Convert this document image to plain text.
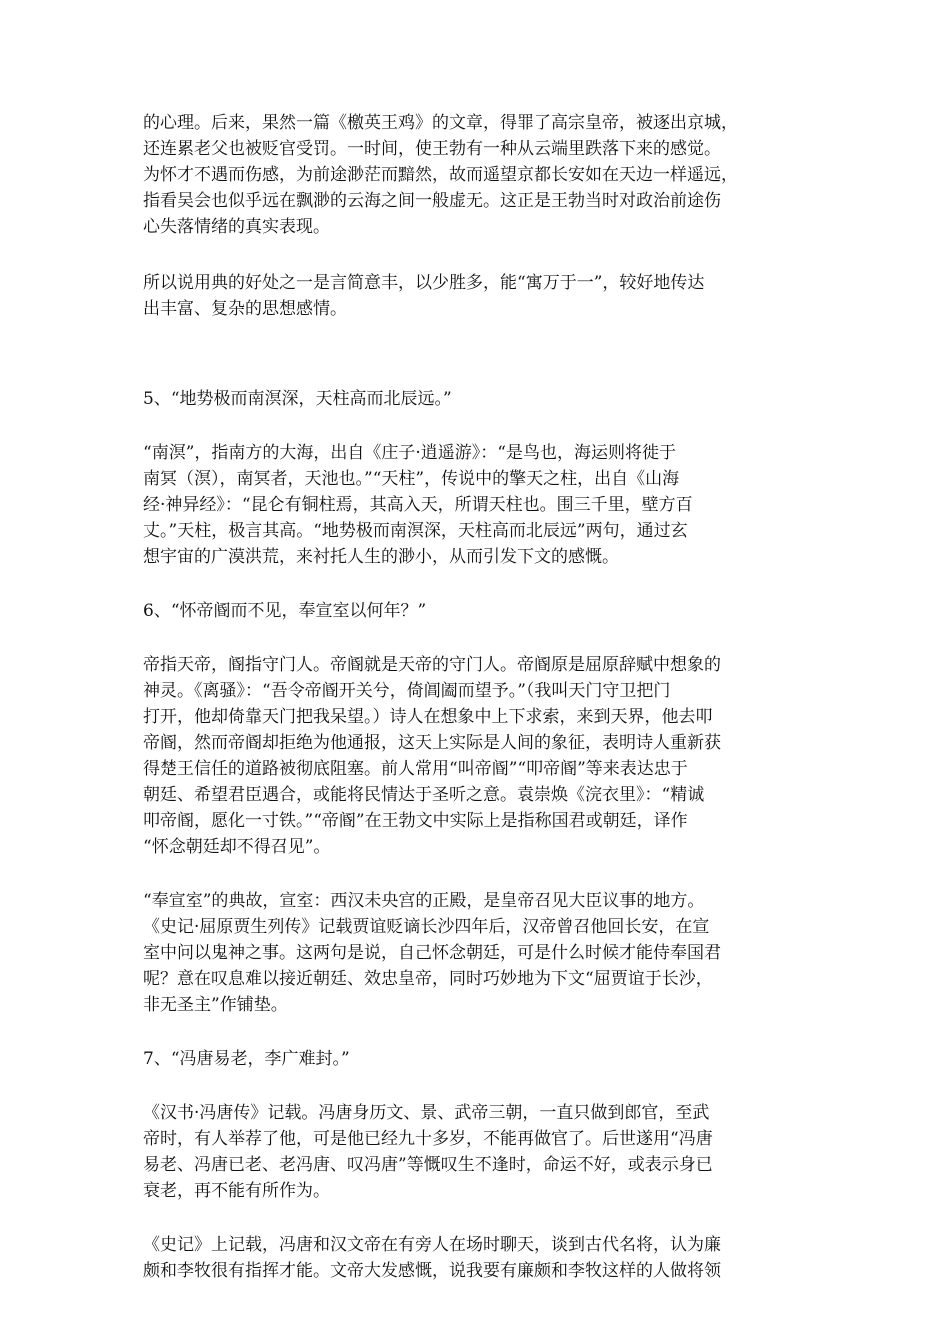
的心理。后来，果然一篇《檄英王鸡》的文章，得罪了高宗皇帝，被逐出京城，
还连累老父也被贬官受罚。一时间，使王勃有一种从云端里跌落下来的感觉。
为怀才不遇而伤感，为前途渺茫而黯然，故而遥望京都长安如在天边一样遥远，
指看吴会也似乎远在飘渺的云海之间一般虚无。这正是王勃当时对政治前途伤
心失落情绪的真实表现。
所以说用典的好处之一是言简意丰，以少胜多，能“寓万于一”，较好地传达
出丰富、复杂的思想感情。
5、“地势极而南溟深，天柱高而北辰远。”
“南溟”，指南方的大海，出自《庄子·逍遥游》：“是鸟也，海运则将徙于
南冥（溟），南冥者，天池也。”“天柱”，传说中的擎天之柱，出自《山海
经·神异经》：“昆仑有铜柱焉，其高入天，所谓天柱也。围三千里，壁方百
丈。”天柱，极言其高。“地势极而南溟深，天柱高而北辰远”两句，通过玄
想宇宙的广漠洪荒，来衬托人生的渺小，从而引发下文的感慨。
6、“怀帝阍而不见，奉宣室以何年？”
帝指天帝，阍指守门人。帝阍就是天帝的守门人。帝阍原是屈原辞赋中想象的
神灵。《离骚》：“吾令帝阍开关兮，倚阊阖而望予。”（我叫天门守卫把门
打开，他却倚靠天门把我呆望。）诗人在想象中上下求索，来到天界，他去叩
帝阍，然而帝阍却拒绝为他通报，这天上实际是人间的象征，表明诗人重新获
得楚王信任的道路被彻底阻塞。前人常用“叫帝阍”“叩帝阍”等来表达忠于
朝廷、希望君臣遇合，或能将民情达于圣听之意。袁崇焕《浣衣里》：“精诚
叩帝阍，愿化一寸铁。”“帝阍”在王勃文中实际上是指称国君或朝廷，译作
“怀念朝廷却不得召见”。
“奉宣室”的典故，宣室：西汉未央宫的正殿，是皇帝召见大臣议事的地方。
《史记·屈原贾生列传》记载贾谊贬谪长沙四年后，汉帝曾召他回长安，在宣
室中问以鬼神之事。这两句是说，自己怀念朝廷，可是什么时候才能侍奉国君
呢？意在叹息难以接近朝廷、效忠皇帝，同时巧妙地为下文“屈贾谊于长沙，
非无圣主”作铺垫。
7、“冯唐易老，李广难封。”
《汉书·冯唐传》记载。冯唐身历文、景、武帝三朝，一直只做到郎官，至武
帝时，有人举荐了他，可是他已经九十多岁，不能再做官了。后世遂用“冯唐
易老、冯唐已老、老冯唐、叹冯唐”等慨叹生不逢时，命运不好，或表示身已
衰老，再不能有所作为。
《史记》上记载，冯唐和汉文帝在有旁人在场时聊天，谈到古代名将，认为廉
颇和李牧很有指挥才能。文帝大发感慨，说我要有廉颇和李牧这样的人做将领
